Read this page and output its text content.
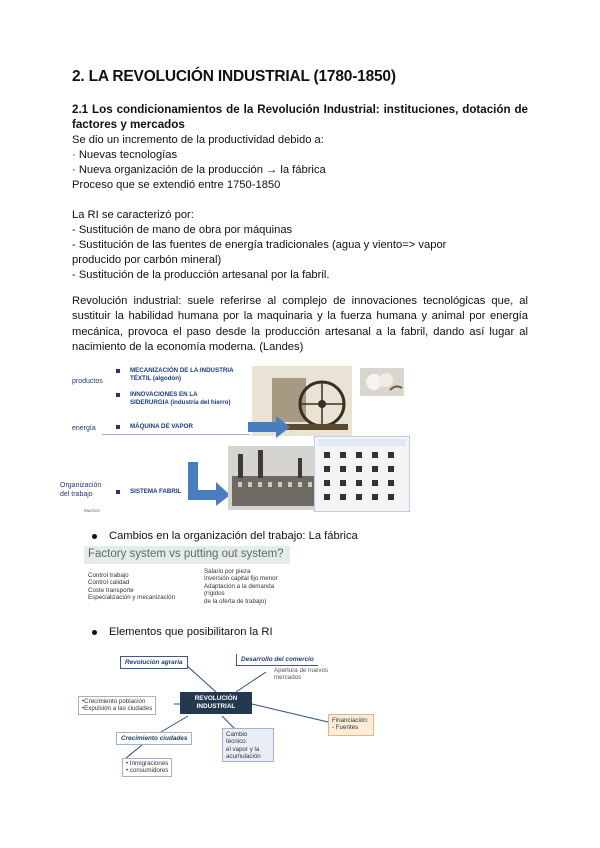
2. LA REVOLUCIÓN INDUSTRIAL (1780-1850)

2.1 Los condicionamientos de la Revolución Industrial: instituciones, dotación de factores y mercados

Se dio un incremento de la productividad debido a:

· Nuevas tecnologías

· Nueva organización de la producción → la fábrica

Proceso que se extendió entre 1750-1850

La RI se caracterizó por:

- Sustitución de mano de obra por máquinas

- Sustitución de las fuentes de energía tradicionales (agua y viento=> vapor

producido por carbón mineral)

- Sustitución de la producción artesanal por la fabril.

Revolución industrial: suele referirse al complejo de innovaciones tecnológicas que, al sustituir la habilidad humana por la maquinaria y la fuerza humana y animal por energía mecánica, provoca el paso desde la producción artesanal a la fabril, dando así lugar al nacimiento de la economía moderna. (Landes)

productos
MECANIZACIÓN DE LA INDUSTRIA
TÉXTIL (algodón)
INNOVACIONES EN LA
SIDERURGIA (industria del hierro)
energía	MÁQUINA DE VAPOR
Organización
del trabajo	SISTEMA FABRIL
Muchos
Cambios en la organización del trabajo: La fábrica
Factory system vs putting out system?
Control trabajo
Control calidad
Coste transporte
Especialización y mecanización
Salario por pieza
Inversión capital fijo menor
Adaptación a la demanda (rígidos
de la oferta de trabajo)
Elementos que posibilitaron la RI
Revolución agraria	Desarrollo del comercio
Apertura de nuevos
mercados
REVOLUCIÓN
INDUSTRIAL
•Crecimiento población
•Expulsión a las ciudades
Crecimiento ciudades
Cambio técnico:
el vapor y la
acumulación
Financiación:
- Fuentes
• Inmigraciones
• consumidores
